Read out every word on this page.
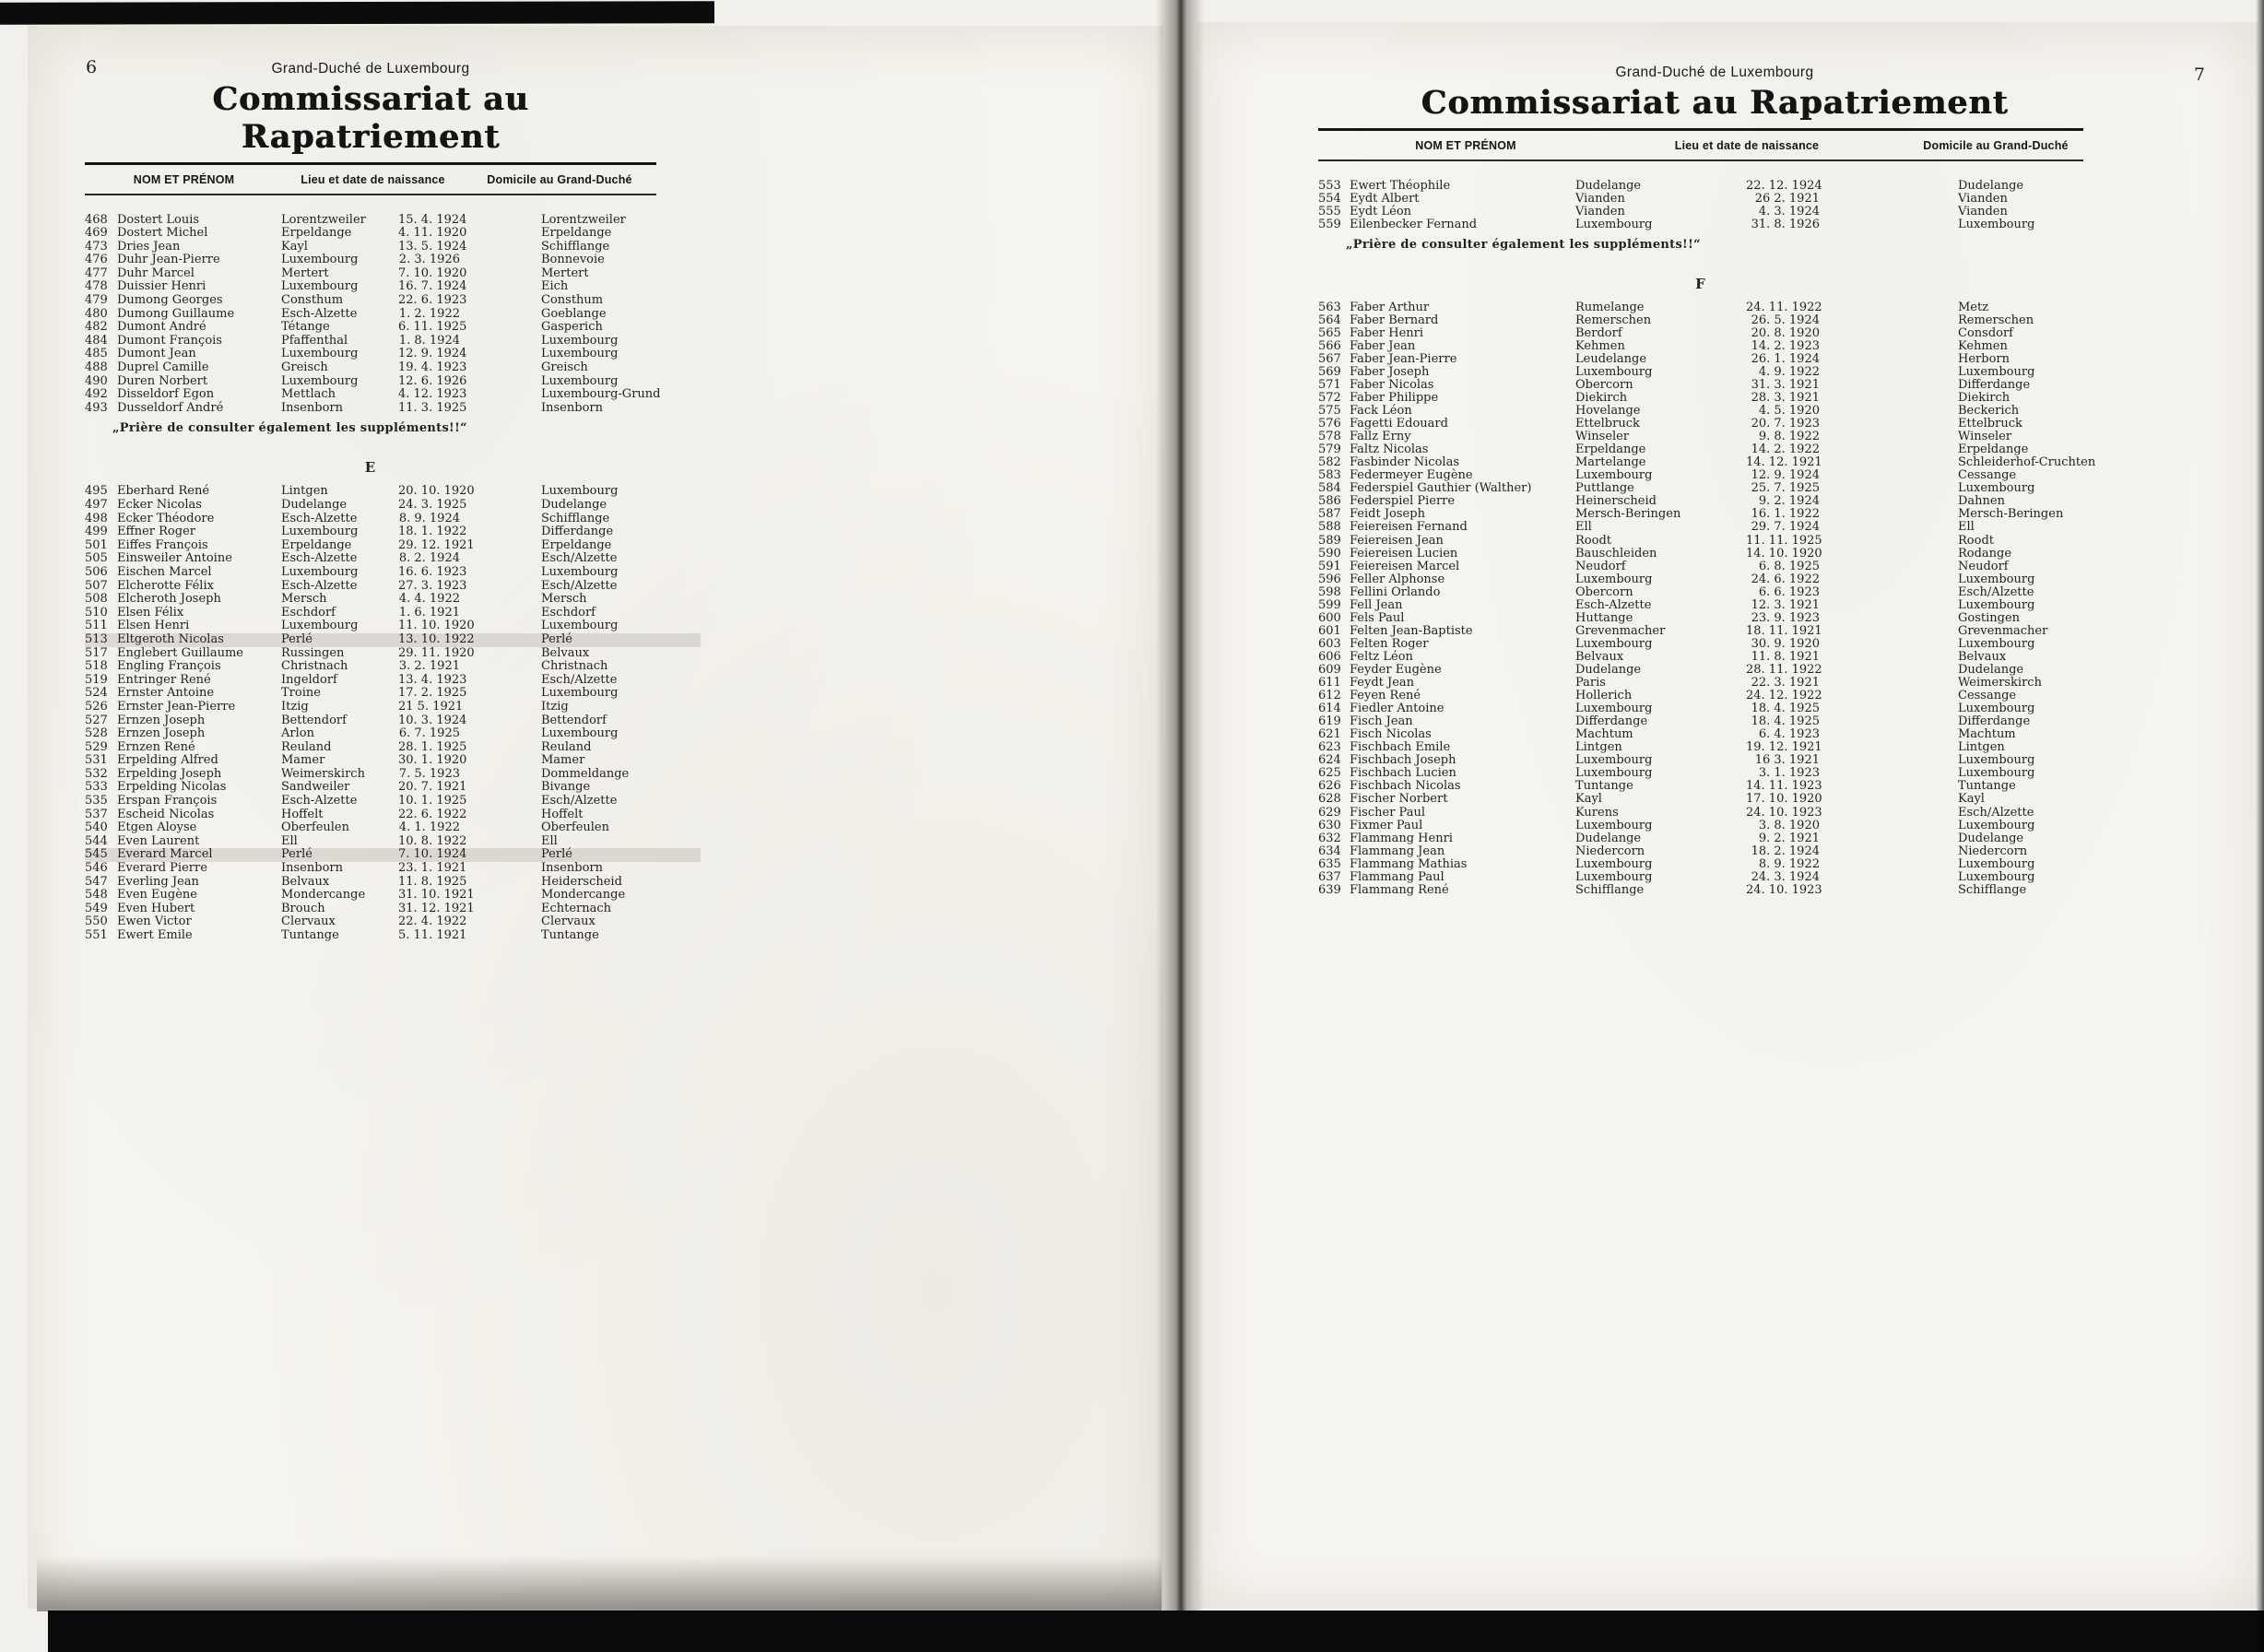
6	Grand-Duché de Luxembourg
Commissariat au Rapatriement
NOM ET PRÉNOM	Lieu et date de naissance	Domicile au Grand-Duché
468 Dostert Louis	Lorentzweiler	15. 4. 1924	Lorentzweiler
469 Dostert Michel	Erpeldange	4. 11. 1920	Erpeldange
473 Dries Jean	Kayl	13. 5. 1924	Schifflange
476 Duhr Jean-Pierre	Luxembourg	2. 3. 1926	Bonnevoie
477 Duhr Marcel	Mertert	7. 10. 1920	Mertert
478 Duissier Henri	Luxembourg	16. 7. 1924	Eich
479 Dumong Georges	Consthum	22. 6. 1923	Consthum
480 Dumong Guillaume	Esch-Alzette	1. 2. 1922	Goeblange
482 Dumont André	Tétange	6. 11. 1925	Gasperich
484 Dumont François	Pfaffenthal	1. 8. 1924	Luxembourg
485 Dumont Jean	Luxembourg	12. 9. 1924	Luxembourg
488 Duprel Camille	Greisch	19. 4. 1923	Greisch
490 Duren Norbert	Luxembourg	12. 6. 1926	Luxembourg
492 Disseldorf Egon	Mettlach	4. 12. 1923	Luxembourg-Grund
493 Dusseldorf André	Insenborn	11. 3. 1925	Insenborn
„Prière de consulter également les suppléments!!“
E
495 Eberhard René	Lintgen	20. 10. 1920	Luxembourg
497 Ecker Nicolas	Dudelange	24. 3. 1925	Dudelange
498 Ecker Théodore	Esch-Alzette	8. 9. 1924	Schifflange
499 Effner Roger	Luxembourg	18. 1. 1922	Differdange
501 Eiffes François	Erpeldange	29. 12. 1921	Erpeldange
505 Einsweiler Antoine	Esch-Alzette	8. 2. 1924	Esch/Alzette
506 Eischen Marcel	Luxembourg	16. 6. 1923	Luxembourg
507 Elcherotte Félix	Esch-Alzette	27. 3. 1923	Esch/Alzette
508 Elcheroth Joseph	Mersch	4. 4. 1922	Mersch
510 Elsen Félix	Eschdorf	1. 6. 1921	Eschdorf
511 Elsen Henri	Luxembourg	11. 10. 1920	Luxembourg
513 Eltgeroth Nicolas	Perlé	13. 10. 1922	Perlé
517 Englebert Guillaume	Russingen	29. 11. 1920	Belvaux
518 Engling François	Christnach	3. 2. 1921	Christnach
519 Entringer René	Ingeldorf	13. 4. 1923	Esch/Alzette
524 Ernster Antoine	Troine	17. 2. 1925	Luxembourg
526 Ernster Jean-Pierre	Itzig	21 5. 1921	Itzig
527 Ernzen Joseph	Bettendorf	10. 3. 1924	Bettendorf
528 Ernzen Joseph	Arlon	6. 7. 1925	Luxembourg
529 Ernzen René	Reuland	28. 1. 1925	Reuland
531 Erpelding Alfred	Mamer	30. 1. 1920	Mamer
532 Erpelding Joseph	Weimerskirch	7. 5. 1923	Dommeldange
533 Erpelding Nicolas	Sandweiler	20. 7. 1921	Bivange
535 Erspan François	Esch-Alzette	10. 1. 1925	Esch/Alzette
537 Escheid Nicolas	Hoffelt	22. 6. 1922	Hoffelt
540 Etgen Aloyse	Oberfeulen	4. 1. 1922	Oberfeulen
544 Even Laurent	Ell	10. 8. 1922	Ell
545 Everard Marcel	Perlé	7. 10. 1924	Perlé
546 Everard Pierre	Insenborn	23. 1. 1921	Insenborn
547 Everling Jean	Belvaux	11. 8. 1925	Heiderscheid
548 Even Eugène	Mondercange	31. 10. 1921	Mondercange
549 Even Hubert	Brouch	31. 12. 1921	Echternach
550 Ewen Victor	Clervaux	22. 4. 1922	Clervaux
551 Ewert Emile	Tuntange	5. 11. 1921	Tuntange
7
Grand-Duché de Luxembourg
Commissariat au Rapatriement
NOM ET PRÉNOM	Lieu et date de naissance	Domicile au Grand-Duché
553 Ewert Théophile	Dudelange	22. 12. 1924	Dudelange
554 Eydt Albert	Vianden	26 2. 1921	Vianden
555 Eydt Léon	Vianden	4. 3. 1924	Vianden
559 Eilenbecker Fernand	Luxembourg	31. 8. 1926	Luxembourg
„Prière de consulter également les suppléments!!“
F
563 Faber Arthur	Rumelange	24. 11. 1922	Metz
564 Faber Bernard	Remerschen	26. 5. 1924	Remerschen
565 Faber Henri	Berdorf	20. 8. 1920	Consdorf
566 Faber Jean	Kehmen	14. 2. 1923	Kehmen
567 Faber Jean-Pierre	Leudelange	26. 1. 1924	Herborn
569 Faber Joseph	Luxembourg	4. 9. 1922	Luxembourg
571 Faber Nicolas	Obercorn	31. 3. 1921	Differdange
572 Faber Philippe	Diekirch	28. 3. 1921	Diekirch
575 Fack Léon	Hovelange	4. 5. 1920	Beckerich
576 Fagetti Edouard	Ettelbruck	20. 7. 1923	Ettelbruck
578 Fallz Erny	Winseler	9. 8. 1922	Winseler
579 Faltz Nicolas	Erpeldange	14. 2. 1922	Erpeldange
582 Fasbinder Nicolas	Martelange	14. 12. 1921	Schleiderhof-Cruchten
583 Federmeyer Eugène	Luxembourg	12. 9. 1924	Cessange
584 Federspiel Gauthier (Walther)	Puttlange	25. 7. 1925	Luxembourg
586 Federspiel Pierre	Heinerscheid	9. 2. 1924	Dahnen
587 Feidt Joseph	Mersch-Beringen	16. 1. 1922	Mersch-Beringen
588 Feiereisen Fernand	Ell	29. 7. 1924	Ell
589 Feiereisen Jean	Roodt	11. 11. 1925	Roodt
590 Feiereisen Lucien	Bauschleiden	14. 10. 1920	Rodange
591 Feiereisen Marcel	Neudorf	6. 8. 1925	Neudorf
596 Feller Alphonse	Luxembourg	24. 6. 1922	Luxembourg
598 Fellini Orlando	Obercorn	6. 6. 1923	Esch/Alzette
599 Fell Jean	Esch-Alzette	12. 3. 1921	Luxembourg
600 Fels Paul	Huttange	23. 9. 1923	Gostingen
601 Felten Jean-Baptiste	Grevenmacher	18. 11. 1921	Grevenmacher
603 Felten Roger	Luxembourg	30. 9. 1920	Luxembourg
606 Feltz Léon	Belvaux	11. 8. 1921	Belvaux
609 Feyder Eugène	Dudelange	28. 11. 1922	Dudelange
611 Feydt Jean	Paris	22. 3. 1921	Weimerskirch
612 Feyen René	Hollerich	24. 12. 1922	Cessange
614 Fiedler Antoine	Luxembourg	18. 4. 1925	Luxembourg
619 Fisch Jean	Differdange	18. 4. 1925	Differdange
621 Fisch Nicolas	Machtum	6. 4. 1923	Machtum
623 Fischbach Emile	Lintgen	19. 12. 1921	Lintgen
624 Fischbach Joseph	Luxembourg	16 3. 1921	Luxembourg
625 Fischbach Lucien	Luxembourg	3. 1. 1923	Luxembourg
626 Fischbach Nicolas	Tuntange	14. 11. 1923	Tuntange
628 Fischer Norbert	Kayl	17. 10. 1920	Kayl
629 Fischer Paul	Kurens	24. 10. 1923	Esch/Alzette
630 Fixmer Paul	Luxembourg	3. 8. 1920	Luxembourg
632 Flammang Henri	Dudelange	9. 2. 1921	Dudelange
634 Flammang Jean	Niedercorn	18. 2. 1924	Niedercorn
635 Flammang Mathias	Luxembourg	8. 9. 1922	Luxembourg
637 Flammang Paul	Luxembourg	24. 3. 1924	Luxembourg
639 Flammang René	Schifflange	24. 10. 1923	Schifflange
